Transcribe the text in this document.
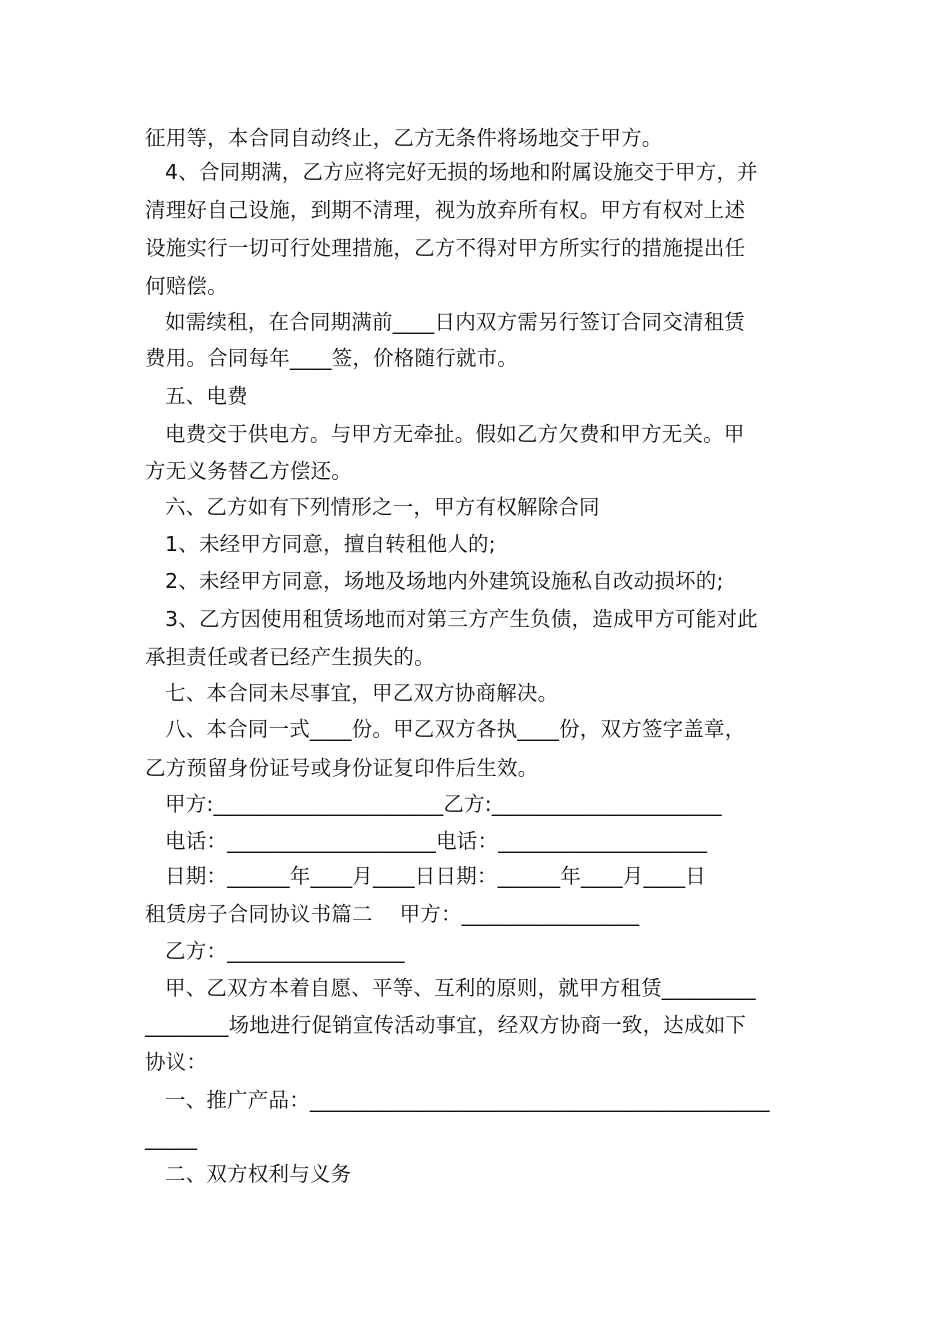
征用等，本合同自动终止，乙方无条件将场地交于甲方。
4、合同期满，乙方应将完好无损的场地和附属设施交于甲方，并
清理好自己设施，到期不清理，视为放弃所有权。甲方有权对上述
设施实行一切可行处理措施，乙方不得对甲方所实行的措施提出任
何赔偿。
如需续租，在合同期满前____日内双方需另行签订合同交清租赁
费用。合同每年____签，价格随行就市。
五、电费
电费交于供电方。与甲方无牵扯。假如乙方欠费和甲方无关。甲
方无义务替乙方偿还。
六、乙方如有下列情形之一，甲方有权解除合同
1、未经甲方同意，擅自转租他人的;
2、未经甲方同意，场地及场地内外建筑设施私自改动损坏的;
3、乙方因使用租赁场地而对第三方产生负债，造成甲方可能对此
承担责任或者已经产生损失的。
七、本合同未尽事宜，甲乙双方协商解决。
八、本合同一式____份。甲乙双方各执____份，双方签字盖章，
乙方预留身份证号或身份证复印件后生效。
甲方:______________________乙方:______________________
电话：____________________电话：____________________
日期：______年____月____日日期：______年____月____日
租赁房子合同协议书篇二    甲方：_________________
乙方：_________________
甲、乙双方本着自愿、平等、互利的原则，就甲方租赁_________
________场地进行促销宣传活动事宜，经双方协商一致，达成如下
协议：
一、推广产品：____________________________________________
_____
二、双方权利与义务
